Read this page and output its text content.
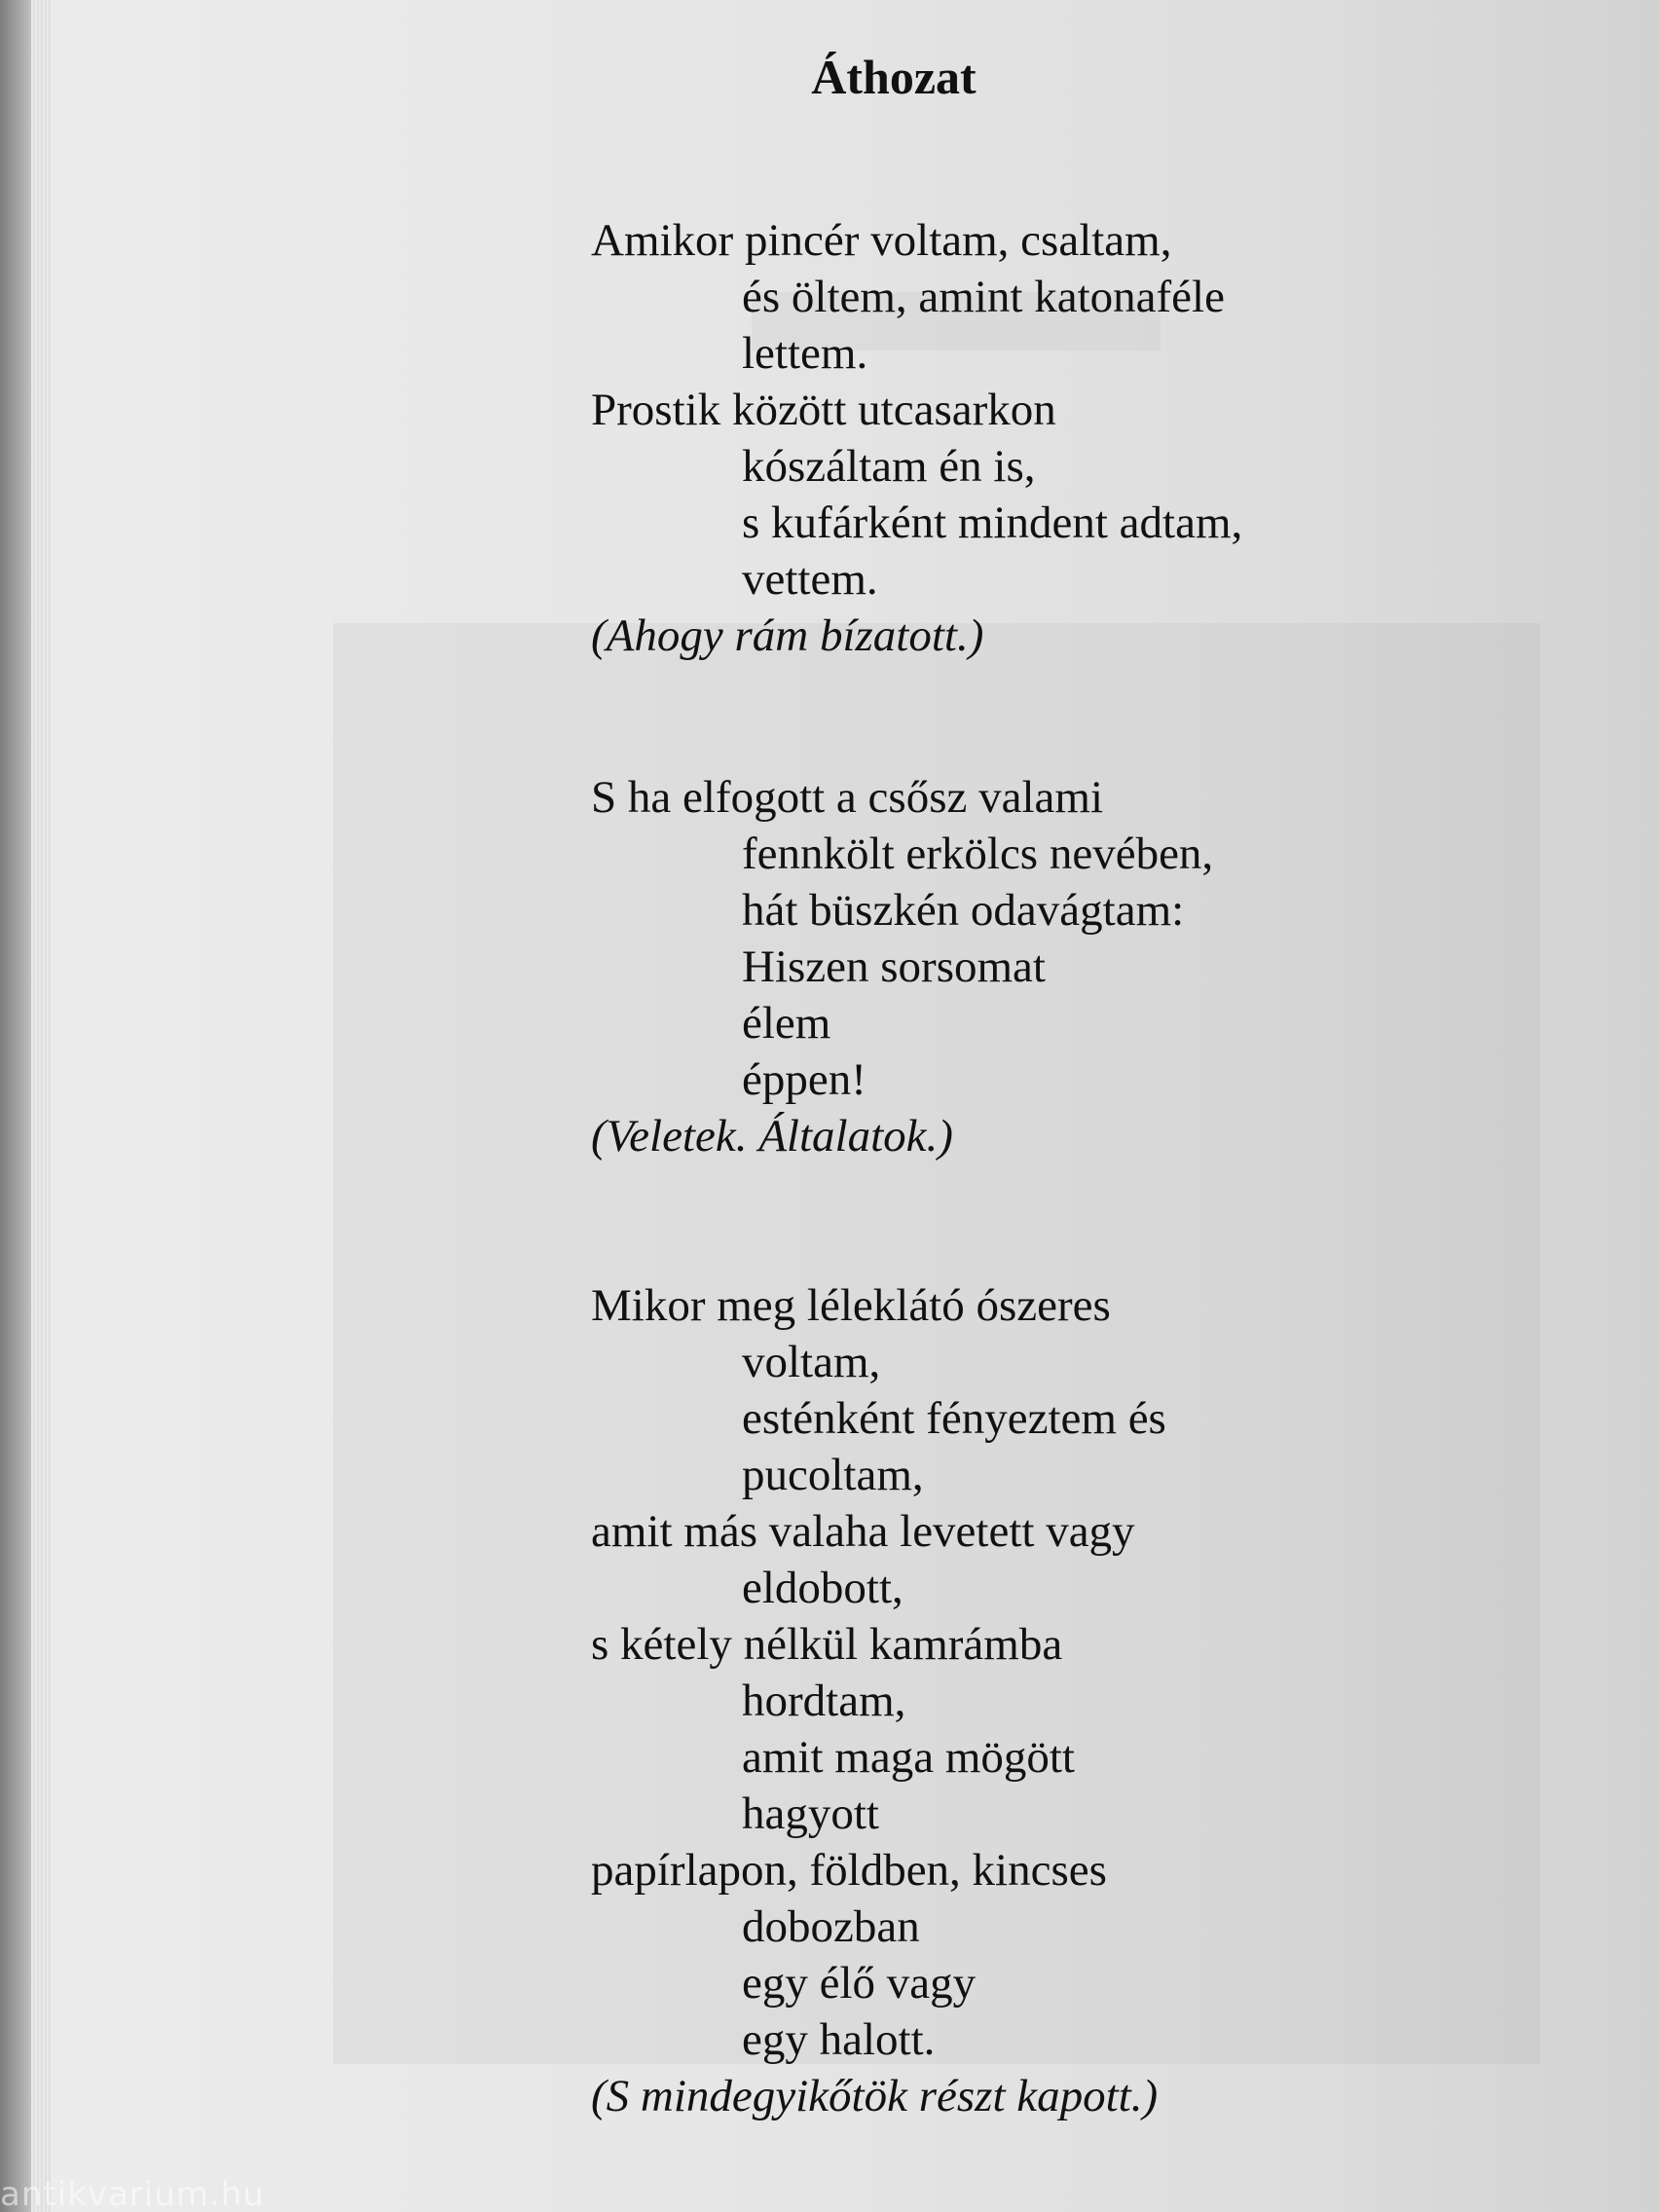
Áthozat
Amikor pincér voltam, csaltam,
és öltem, amint katonaféle
lettem.
Prostik között utcasarkon
kószáltam én is,
s kufárként mindent adtam,
vettem.
(Ahogy rám bízatott.)
S ha elfogott a csősz valami
fennkölt erkölcs nevében,
hát büszkén odavágtam:
Hiszen sorsomat
élem
éppen!
(Veletek. Általatok.)
Mikor meg léleklátó ószeres
voltam,
esténként fényeztem és
pucoltam,
amit más valaha levetett vagy
eldobott,
s kétely nélkül kamrámba
hordtam,
amit maga mögött
hagyott
papírlapon, földben, kincses
dobozban
egy élő vagy
egy halott.
(S mindegyikőtök részt kapott.)
antikvarium.hu
